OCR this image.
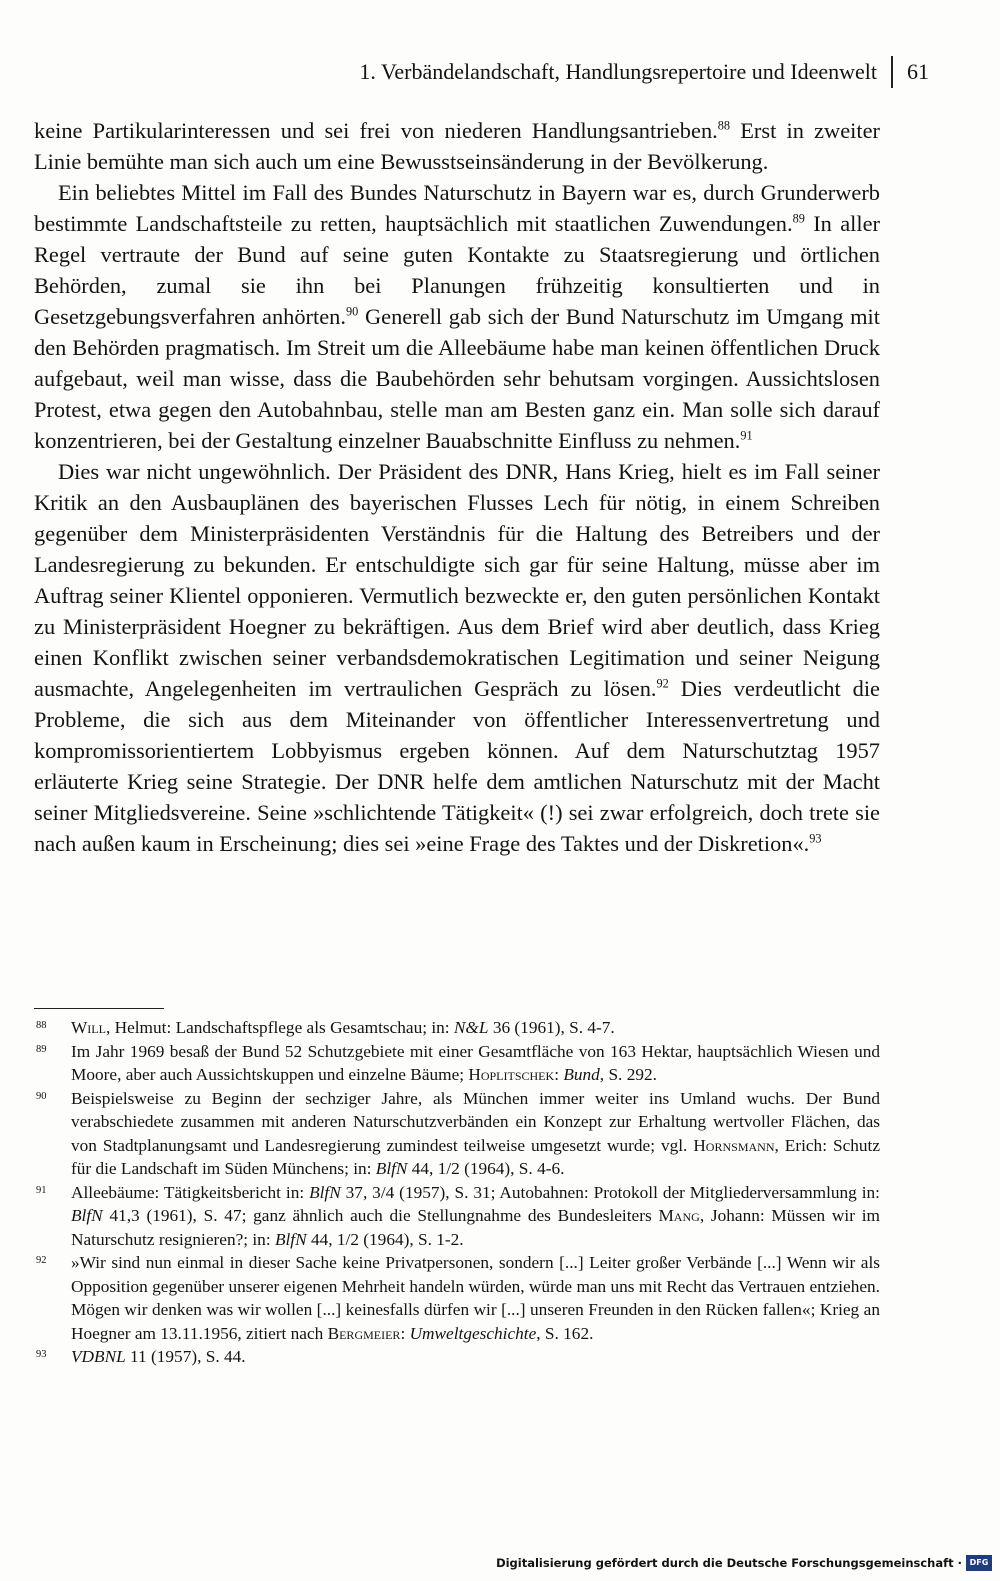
1. Verbändelandschaft, Handlungsrepertoire und Ideenwelt 61

keine Partikularinteressen und sei frei von niederen Handlungsantrieben.$^{88}$ Erst in zweiter Linie bemühte man sich auch um eine Bewusstseinsänderung in der Bevölkerung.

Ein beliebtes Mittel im Fall des Bundes Naturschutz in Bayern war es, durch Grunderwerb bestimmte Landschaftsteile zu retten, hauptsächlich mit staatlichen Zuwendungen.$^{89}$ In aller Regel vertraute der Bund auf seine guten Kontakte zu Staatsregierung und örtlichen Behörden, zumal sie ihn bei Planungen frühzeitig konsultierten und in Gesetzgebungsverfahren anhörten.$^{90}$ Generell gab sich der Bund Naturschutz im Umgang mit den Behörden pragmatisch. Im Streit um die Alleebäume habe man keinen öffentlichen Druck aufgebaut, weil man wisse, dass die Baubehörden sehr behutsam vorgingen. Aussichtslosen Protest, etwa gegen den Autobahnbau, stelle man am Besten ganz ein. Man solle sich darauf konzentrieren, bei der Gestaltung einzelner Bauabschnitte Einfluss zu nehmen.$^{91}$

Dies war nicht ungewöhnlich. Der Präsident des DNR, Hans Krieg, hielt es im Fall seiner Kritik an den Ausbauplänen des bayerischen Flusses Lech für nötig, in einem Schreiben gegenüber dem Ministerpräsidenten Verständnis für die Haltung des Betreibers und der Landesregierung zu bekunden. Er entschuldigte sich gar für seine Haltung, müsse aber im Auftrag seiner Klientel opponieren. Vermutlich bezweckte er, den guten persönlichen Kontakt zu Ministerpräsident Hoegner zu bekräftigen. Aus dem Brief wird aber deutlich, dass Krieg einen Konflikt zwischen seiner verbandsdemokratischen Legitimation und seiner Neigung ausmachte, Angelegenheiten im vertraulichen Gespräch zu lösen.$^{92}$ Dies verdeutlicht die Probleme, die sich aus dem Miteinander von öffentlicher Interessenvertretung und kompromissorientiertem Lobbyismus ergeben können. Auf dem Naturschutztag 1957 erläuterte Krieg seine Strategie. Der DNR helfe dem amtlichen Naturschutz mit der Macht seiner Mitgliedsvereine. Seine »schlichtende Tätigkeit« (!) sei zwar erfolgreich, doch trete sie nach außen kaum in Erscheinung; dies sei »eine Frage des Taktes und der Diskretion«.$^{93}$

88	Will, Helmut: Landschaftspflege als Gesamtschau; in: N&L 36 (1961), S. 4-7.
89	Im Jahr 1969 besaß der Bund 52 Schutzgebiete mit einer Gesamtfläche von 163 Hektar, hauptsächlich Wiesen und Moore, aber auch Aussichtskuppen und einzelne Bäume; Hoplitschek: Bund, S. 292.
90	Beispielsweise zu Beginn der sechziger Jahre, als München immer weiter ins Umland wuchs. Der Bund verabschiedete zusammen mit anderen Naturschutzverbänden ein Konzept zur Erhaltung wertvoller Flächen, das von Stadtplanungsamt und Landesregierung zumindest teilweise umgesetzt wurde; vgl. Hornsmann, Erich: Schutz für die Landschaft im Süden Münchens; in: BlfN 44, 1/2 (1964), S. 4-6.
91	Alleebäume: Tätigkeitsbericht in: BlfN 37, 3/4 (1957), S. 31; Autobahnen: Protokoll der Mitgliederversammlung in: BlfN 41,3 (1961), S. 47; ganz ähnlich auch die Stellungnahme des Bundesleiters Mang, Johann: Müssen wir im Naturschutz resignieren?; in: BlfN 44, 1/2 (1964), S. 1-2.
92	»Wir sind nun einmal in dieser Sache keine Privatpersonen, sondern [...] Leiter großer Verbände [...] Wenn wir als Opposition gegenüber unserer eigenen Mehrheit handeln würden, würde man uns mit Recht das Vertrauen entziehen. Mögen wir denken was wir wollen [...] keinesfalls dürfen wir [...] unseren Freunden in den Rücken fallen«; Krieg an Hoegner am 13.11.1956, zitiert nach Bergmeier: Umweltgeschichte, S. 162.
93	VDBNL 11 (1957), S. 44.
Digitalisierung gefördert durch die Deutsche Forschungsgemeinschaft · DFG
